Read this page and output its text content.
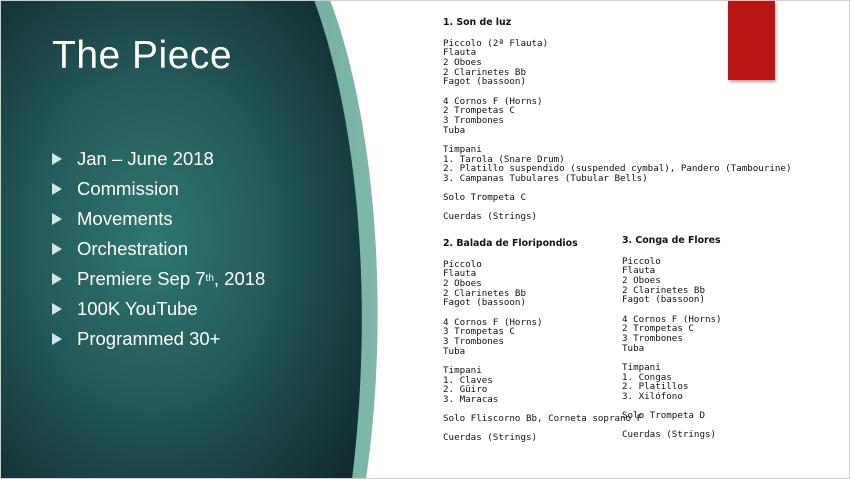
The Piece
Jan – June 2018
Commission
Movements
Orchestration
Premiere Sep 7 th , 2018
100K YouTube
Programmed 30+
1. Son de luz
Piccolo (2ª Flauta)
Flauta
2 Oboes
2 Clarinetes Bb
Fagot (bassoon)
4 Cornos F (Horns)
2 Trompetas C
3 Trombones
Tuba
Timpani
1. Tarola (Snare Drum)
2. Platillo suspendido (suspended cymbal), Pandero (Tambourine)
3. Campanas Tubulares (Tubular Bells)
Solo Trompeta C
Cuerdas (Strings)
2. Balada de Floripondios
Piccolo
Flauta
2 Oboes
2 Clarinetes Bb
Fagot (bassoon)
4 Cornos F (Horns)
3 Trompetas C
3 Trombones
Tuba
Timpani
1. Claves
2. Güiro
3. Maracas
Solo Fliscorno Bb, Corneta soprano F
Cuerdas (Strings)
3. Conga de Flores
Piccolo
Flauta
2 Oboes
2 Clarinetes Bb
Fagot (bassoon)
4 Cornos F (Horns)
2 Trompetas C
3 Trombones
Tuba
Timpani
1. Congas
2. Platillos
3. Xilófono
Solo Trompeta D
Cuerdas (Strings)
